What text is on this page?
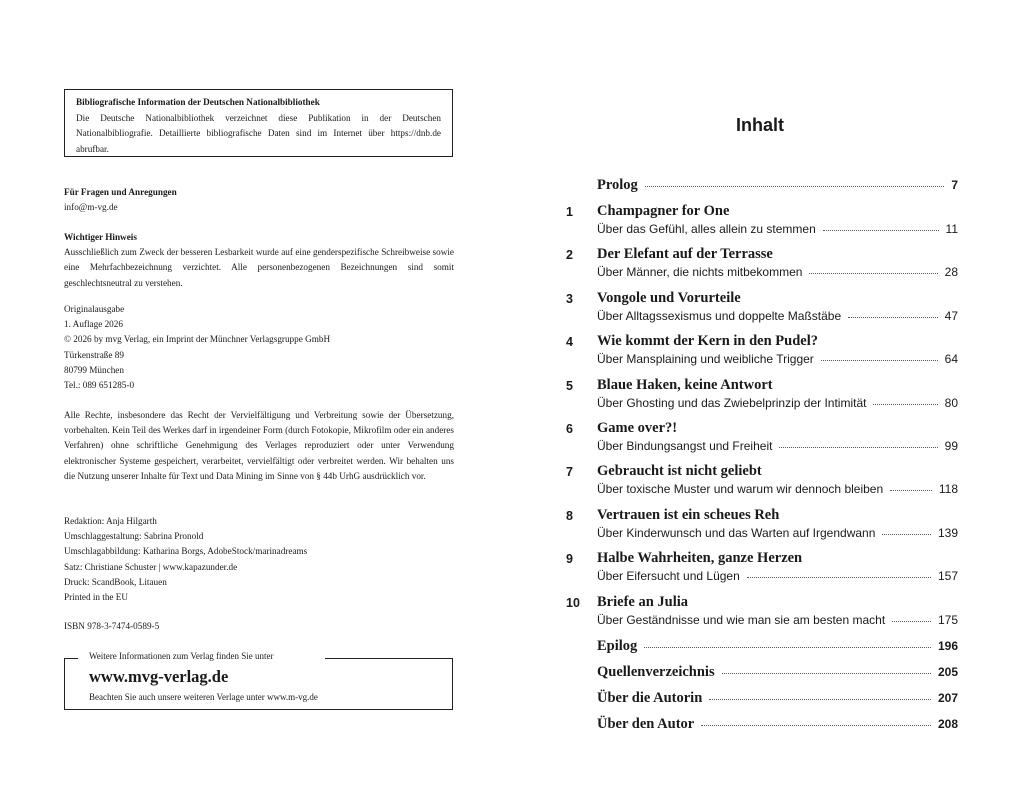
Bibliografische Information der Deutschen Nationalbibliothek
Die Deutsche Nationalbibliothek verzeichnet diese Publikation in der Deutschen Nationalbibliografie. Detaillierte bibliografische Daten sind im Internet über https://dnb.de abrufbar.
Für Fragen und Anregungen
info@m-vg.de
Wichtiger Hinweis
Ausschließlich zum Zweck der besseren Lesbarkeit wurde auf eine genderspezifische Schreibweise sowie eine Mehrfachbezeichnung verzichtet. Alle personenbezogenen Bezeichnungen sind somit geschlechtsneutral zu verstehen.
Originalausgabe
1. Auflage 2026
© 2026 by mvg Verlag, ein Imprint der Münchner Verlagsgruppe GmbH
Türkenstraße 89
80799 München
Tel.: 089 651285-0
Alle Rechte, insbesondere das Recht der Vervielfältigung und Verbreitung sowie der Übersetzung, vorbehalten. Kein Teil des Werkes darf in irgendeiner Form (durch Fotokopie, Mikrofilm oder ein anderes Verfahren) ohne schriftliche Genehmigung des Verlages reproduziert oder unter Verwendung elektronischer Systeme gespeichert, verarbeitet, vervielfältigt oder verbreitet werden. Wir behalten uns die Nutzung unserer Inhalte für Text und Data Mining im Sinne von § 44b UrhG ausdrücklich vor.
Redaktion: Anja Hilgarth
Umschlaggestaltung: Sabrina Pronold
Umschlagabbildung: Katharina Borgs, AdobeStock/marinadreams
Satz: Christiane Schuster | www.kapazunder.de
Druck: ScandBook, Litauen
Printed in the EU
ISBN 978-3-7474-0589-5
Weitere Informationen zum Verlag finden Sie unter
www.mvg-verlag.de
Beachten Sie auch unsere weiteren Verlage unter www.m-vg.de
Inhalt
Prolog	7
1 Champagner for One
Über das Gefühl, alles allein zu stemmen	11
2 Der Elefant auf der Terrasse
Über Männer, die nichts mitbekommen	28
3 Vongole und Vorurteile
Über Alltagssexismus und doppelte Maßstäbe	47
4 Wie kommt der Kern in den Pudel?
Über Mansplaining und weibliche Trigger	64
5 Blaue Haken, keine Antwort
Über Ghosting und das Zwiebelprinzip der Intimität	80
6 Game over?!
Über Bindungsangst und Freiheit	99
7 Gebraucht ist nicht geliebt
Über toxische Muster und warum wir dennoch bleiben	118
8 Vertrauen ist ein scheues Reh
Über Kinderwunsch und das Warten auf Irgendwann	139
9 Halbe Wahrheiten, ganze Herzen
Über Eifersucht und Lügen	157
10 Briefe an Julia
Über Geständnisse und wie man sie am besten macht	175
Epilog	196
Quellenverzeichnis	205
Über die Autorin	207
Über den Autor	208
